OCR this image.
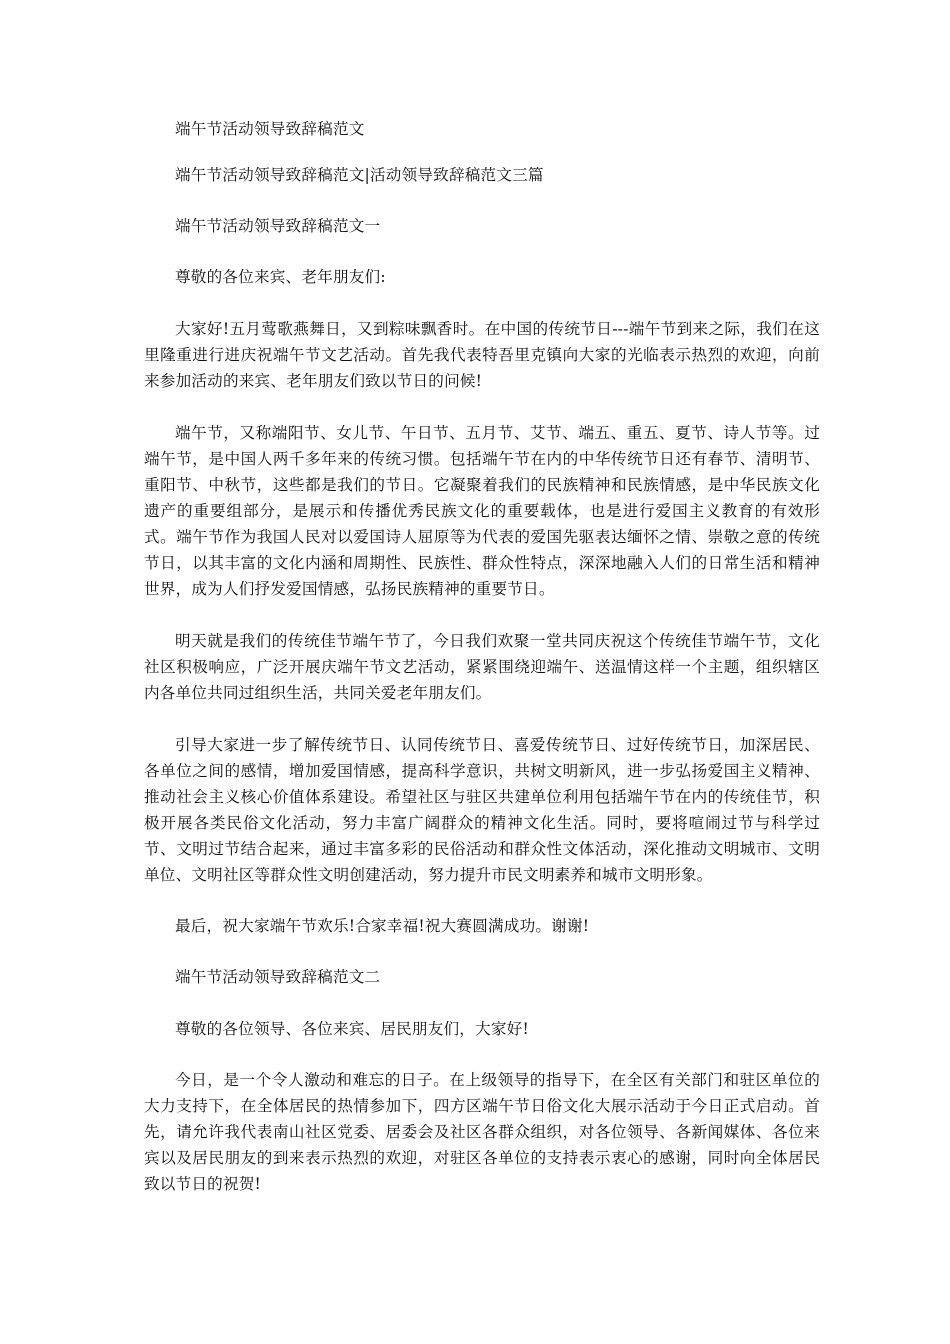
端午节活动领导致辞稿范文

端午节活动领导致辞稿范文|活动领导致辞稿范文三篇

端午节活动领导致辞稿范文一

尊敬的各位来宾、老年朋友们:

大家好!五月莺歌燕舞日，又到粽味飘香时。在中国的传统节日---端午节到来之际，我们在这里隆重进行进庆祝端午节文艺活动。首先我代表特吾里克镇向大家的光临表示热烈的欢迎，向前来参加活动的来宾、老年朋友们致以节日的问候!

端午节，又称端阳节、女儿节、午日节、五月节、艾节、端五、重五、夏节、诗人节等。过端午节，是中国人两千多年来的传统习惯。包括端午节在内的中华传统节日还有春节、清明节、重阳节、中秋节，这些都是我们的节日。它凝聚着我们的民族精神和民族情感，是中华民族文化遗产的重要组部分，是展示和传播优秀民族文化的重要载体，也是进行爱国主义教育的有效形式。端午节作为我国人民对以爱国诗人屈原等为代表的爱国先驱表达缅怀之情、崇敬之意的传统节日，以其丰富的文化内涵和周期性、民族性、群众性特点，深深地融入人们的日常生活和精神世界，成为人们抒发爱国情感，弘扬民族精神的重要节日。

明天就是我们的传统佳节端午节了，今日我们欢聚一堂共同庆祝这个传统佳节端午节，文化社区积极响应，广泛开展庆端午节文艺活动，紧紧围绕迎端午、送温情这样一个主题，组织辖区内各单位共同过组织生活，共同关爱老年朋友们。

引导大家进一步了解传统节日、认同传统节日、喜爱传统节日、过好传统节日，加深居民、各单位之间的感情，增加爱国情感，提高科学意识，共树文明新风，进一步弘扬爱国主义精神、推动社会主义核心价值体系建设。希望社区与驻区共建单位利用包括端午节在内的传统佳节，积极开展各类民俗文化活动，努力丰富广阔群众的精神文化生活。同时，要将喧闹过节与科学过节、文明过节结合起来，通过丰富多彩的民俗活动和群众性文体活动，深化推动文明城市、文明单位、文明社区等群众性文明创建活动，努力提升市民文明素养和城市文明形象。

最后，祝大家端午节欢乐!合家幸福!祝大赛圆满成功。谢谢!

端午节活动领导致辞稿范文二

尊敬的各位领导、各位来宾、居民朋友们，大家好!

今日，是一个令人激动和难忘的日子。在上级领导的指导下，在全区有关部门和驻区单位的大力支持下，在全体居民的热情参加下，四方区端午节日俗文化大展示活动于今日正式启动。首先，请允许我代表南山社区党委、居委会及社区各群众组织，对各位领导、各新闻媒体、各位来宾以及居民朋友的到来表示热烈的欢迎，对驻区各单位的支持表示衷心的感谢，同时向全体居民致以节日的祝贺!
